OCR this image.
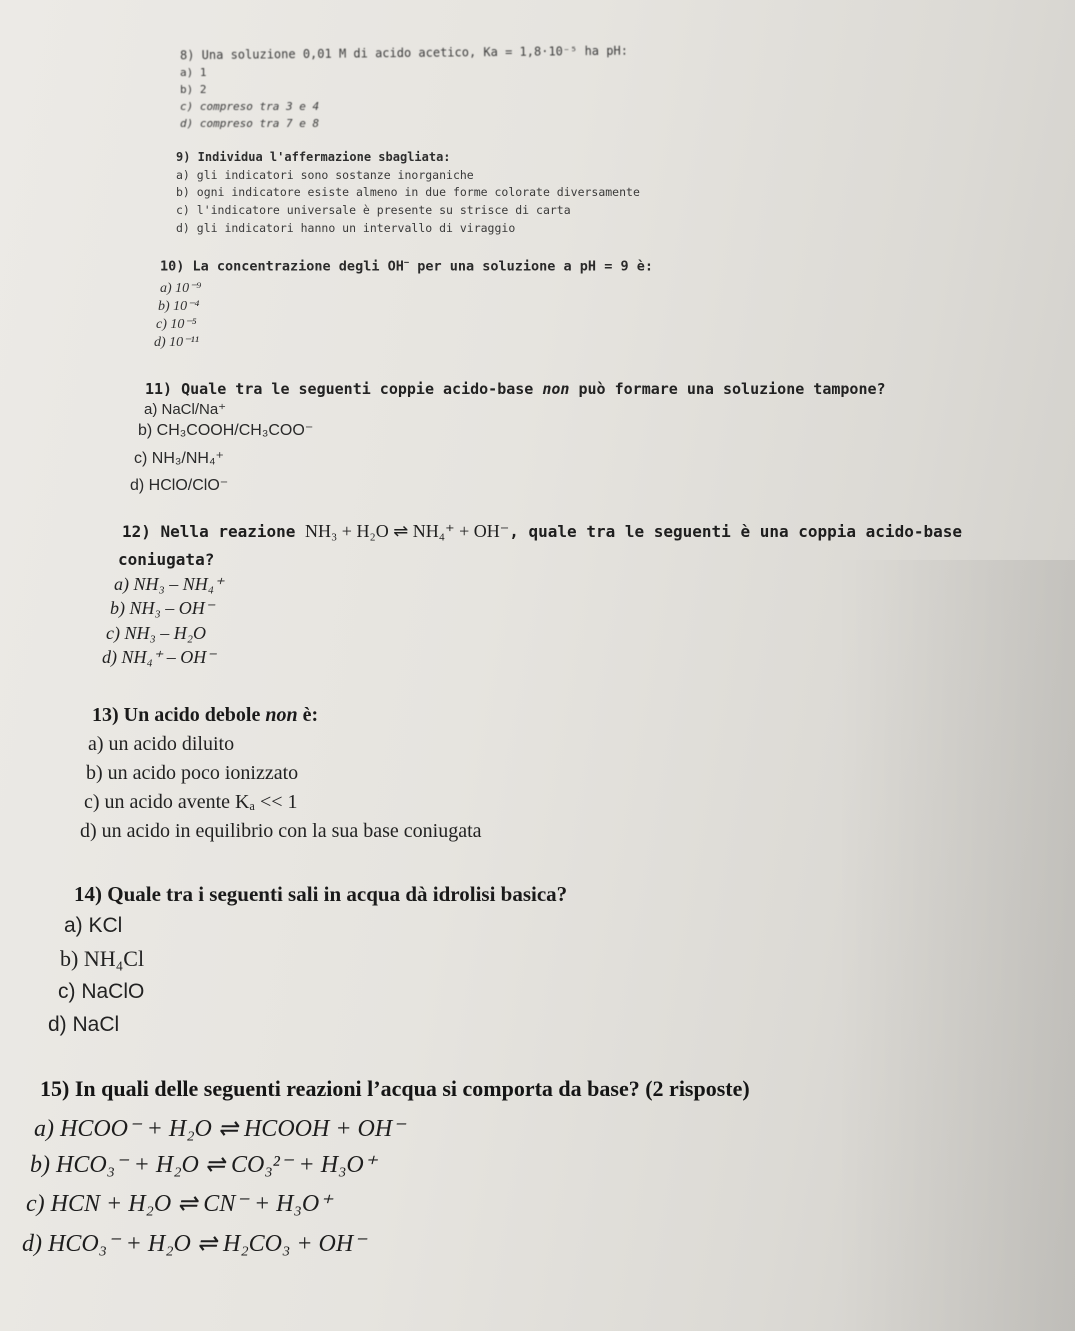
8) Una soluzione 0,01 M di acido acetico, Ka = 1,8·10⁻⁵ ha pH:
a) 1
b) 2
c) compreso tra 3 e 4
d) compreso tra 7 e 8
9) Individua l'affermazione sbagliata:
a) gli indicatori sono sostanze inorganiche
b) ogni indicatore esiste almeno in due forme colorate diversamente
c) l'indicatore universale è presente su strisce di carta
d) gli indicatori hanno un intervallo di viraggio
10) La concentrazione degli OH− per una soluzione a pH = 9 è:
a) 10⁻⁹
b) 10⁻⁴
c) 10⁻⁵
d) 10⁻¹¹
11) Quale tra le seguenti coppie acido-base non può formare una soluzione tampone?
a) NaCl/Na⁺
b) CH₃COOH/CH₃COO⁻
c) NH₃/NH₄⁺
d) HClO/ClO⁻
12) Nella reazione NH₃ + H₂O ⇌ NH₄⁺ + OH⁻, quale tra le seguenti è una coppia acido-base
coniugata?
a) NH₃ – NH₄⁺
b) NH₃ – OH⁻
c) NH₃ – H₂O
d) NH₄⁺ – OH⁻
13) Un acido debole non è:
a) un acido diluito
b) un acido poco ionizzato
c) un acido avente Kₐ << 1
d) un acido in equilibrio con la sua base coniugata
14) Quale tra i seguenti sali in acqua dà idrolisi basica?
a) KCl
b) NH₄Cl
c) NaClO
d) NaCl
15) In quali delle seguenti reazioni l’acqua si comporta da base? (2 risposte)
a) HCOO⁻ + H₂O ⇌ HCOOH + OH⁻
b) HCO₃⁻ + H₂O ⇌ CO₃²⁻ + H₃O⁺
c) HCN + H₂O ⇌ CN⁻ + H₃O⁺
d) HCO₃⁻ + H₂O ⇌ H₂CO₃ + OH⁻
